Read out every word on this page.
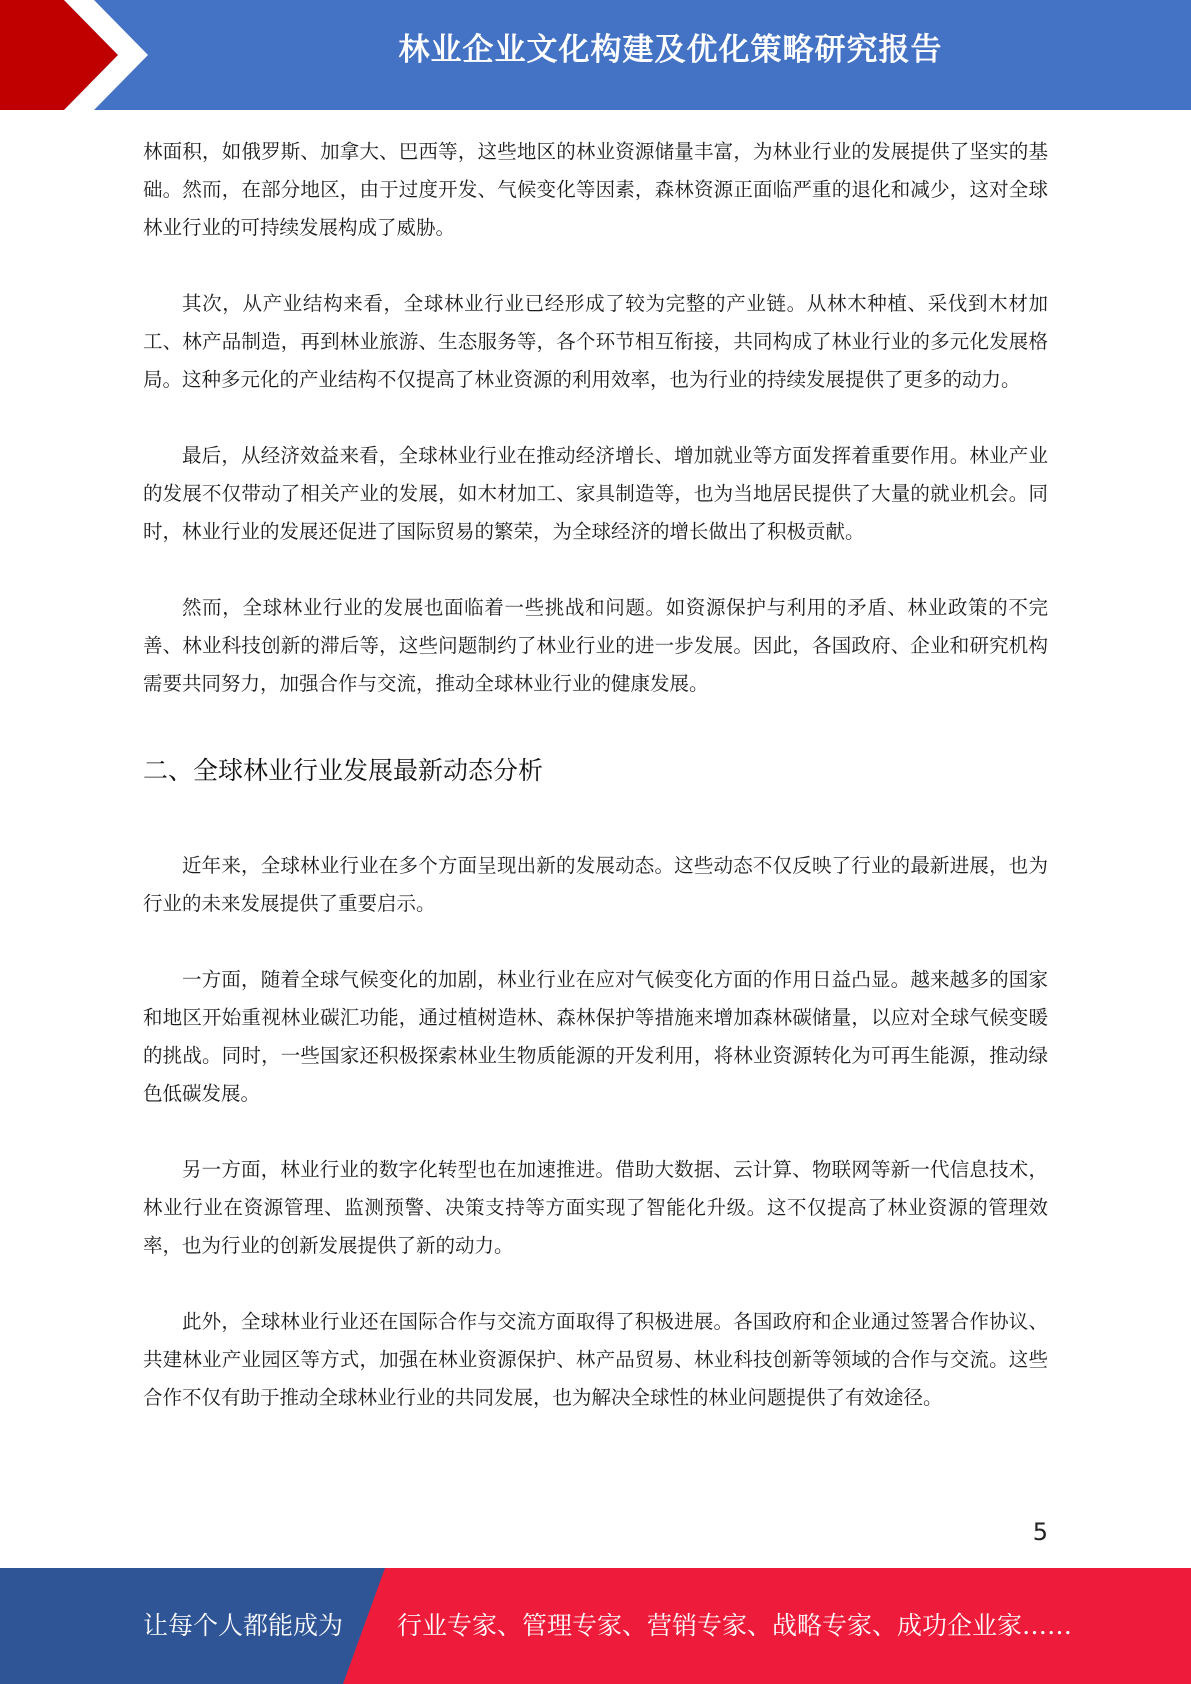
林业企业文化构建及优化策略研究报告

林面积，如俄罗斯、加拿大、巴西等，这些地区的林业资源储量丰富，为林业行业的发展提供了坚实的基础。然而，在部分地区，由于过度开发、气候变化等因素，森林资源正面临严重的退化和减少，这对全球林业行业的可持续发展构成了威胁。

其次，从产业结构来看，全球林业行业已经形成了较为完整的产业链。从林木种植、采伐到木材加工、林产品制造，再到林业旅游、生态服务等，各个环节相互衔接，共同构成了林业行业的多元化发展格局。这种多元化的产业结构不仅提高了林业资源的利用效率，也为行业的持续发展提供了更多的动力。

最后，从经济效益来看，全球林业行业在推动经济增长、增加就业等方面发挥着重要作用。林业产业的发展不仅带动了相关产业的发展，如木材加工、家具制造等，也为当地居民提供了大量的就业机会。同时，林业行业的发展还促进了国际贸易的繁荣，为全球经济的增长做出了积极贡献。

然而，全球林业行业的发展也面临着一些挑战和问题。如资源保护与利用的矛盾、林业政策的不完善、林业科技创新的滞后等，这些问题制约了林业行业的进一步发展。因此，各国政府、企业和研究机构需要共同努力，加强合作与交流，推动全球林业行业的健康发展。

二、全球林业行业发展最新动态分析

近年来，全球林业行业在多个方面呈现出新的发展动态。这些动态不仅反映了行业的最新进展，也为行业的未来发展提供了重要启示。

一方面，随着全球气候变化的加剧，林业行业在应对气候变化方面的作用日益凸显。越来越多的国家和地区开始重视林业碳汇功能，通过植树造林、森林保护等措施来增加森林碳储量，以应对全球气候变暖的挑战。同时，一些国家还积极探索林业生物质能源的开发利用，将林业资源转化为可再生能源，推动绿色低碳发展。

另一方面，林业行业的数字化转型也在加速推进。借助大数据、云计算、物联网等新一代信息技术，林业行业在资源管理、监测预警、决策支持等方面实现了智能化升级。这不仅提高了林业资源的管理效率，也为行业的创新发展提供了新的动力。

此外，全球林业行业还在国际合作与交流方面取得了积极进展。各国政府和企业通过签署合作协议、共建林业产业园区等方式，加强在林业资源保护、林产品贸易、林业科技创新等领域的合作与交流。这些合作不仅有助于推动全球林业行业的共同发展，也为解决全球性的林业问题提供了有效途径。

5
让每个人都能成为 行业专家、管理专家、营销专家、战略专家、成功企业家……
